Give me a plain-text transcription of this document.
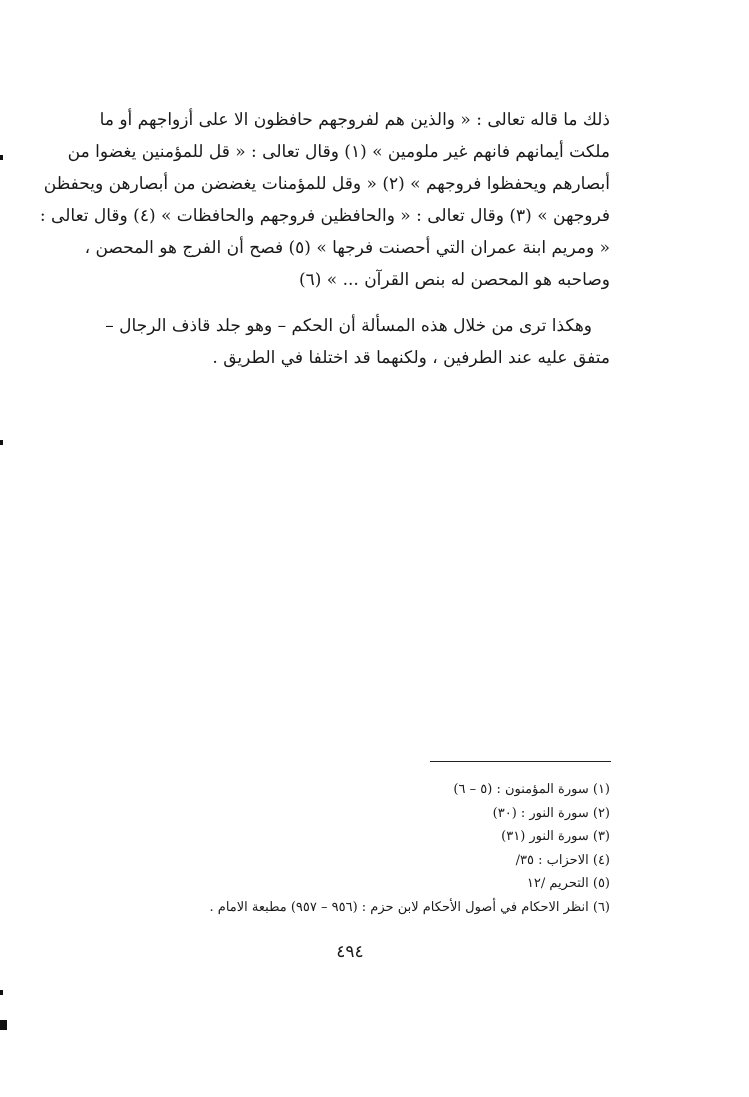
ذلك ما قاله تعالى : « والذين هم لفروجهم حافظون الا على أزواجهم أو ما
ملكت أيمانهم فانهم غير ملومين » (١) وقال تعالى : « قل للمؤمنين يغضوا من
أبصارهم ويحفظوا فروجهم » (٢) « وقل للمؤمنات يغضضن من أبصارهن ويحفظن
فروجهن » (٣) وقال تعالى : « والحافظين فروجهم والحافظات » (٤) وقال تعالى :
« ومريم ابنة عمران التي أحصنت فرجها » (٥) فصح أن الفرج هو المحصن ،
وصاحبه هو المحصن له بنص القرآن ... » (٦)
وهكذا ترى من خلال هذه المسألة أن الحكم – وهو جلد قاذف الرجال –
متفق عليه عند الطرفين ، ولكنهما قد اختلفا في الطريق .
(١) سورة المؤمنون : (٥ – ٦)
(٢) سورة النور : (٣٠)
(٣) سورة النور (٣١)
(٤) الاحزاب : ٣٥/
(٥) التحريم /١٢
(٦) انظر الاحكام في أصول الأحكام لابن حزم : (٩٥٦ – ٩٥٧) مطبعة الامام .
٤٩٤
